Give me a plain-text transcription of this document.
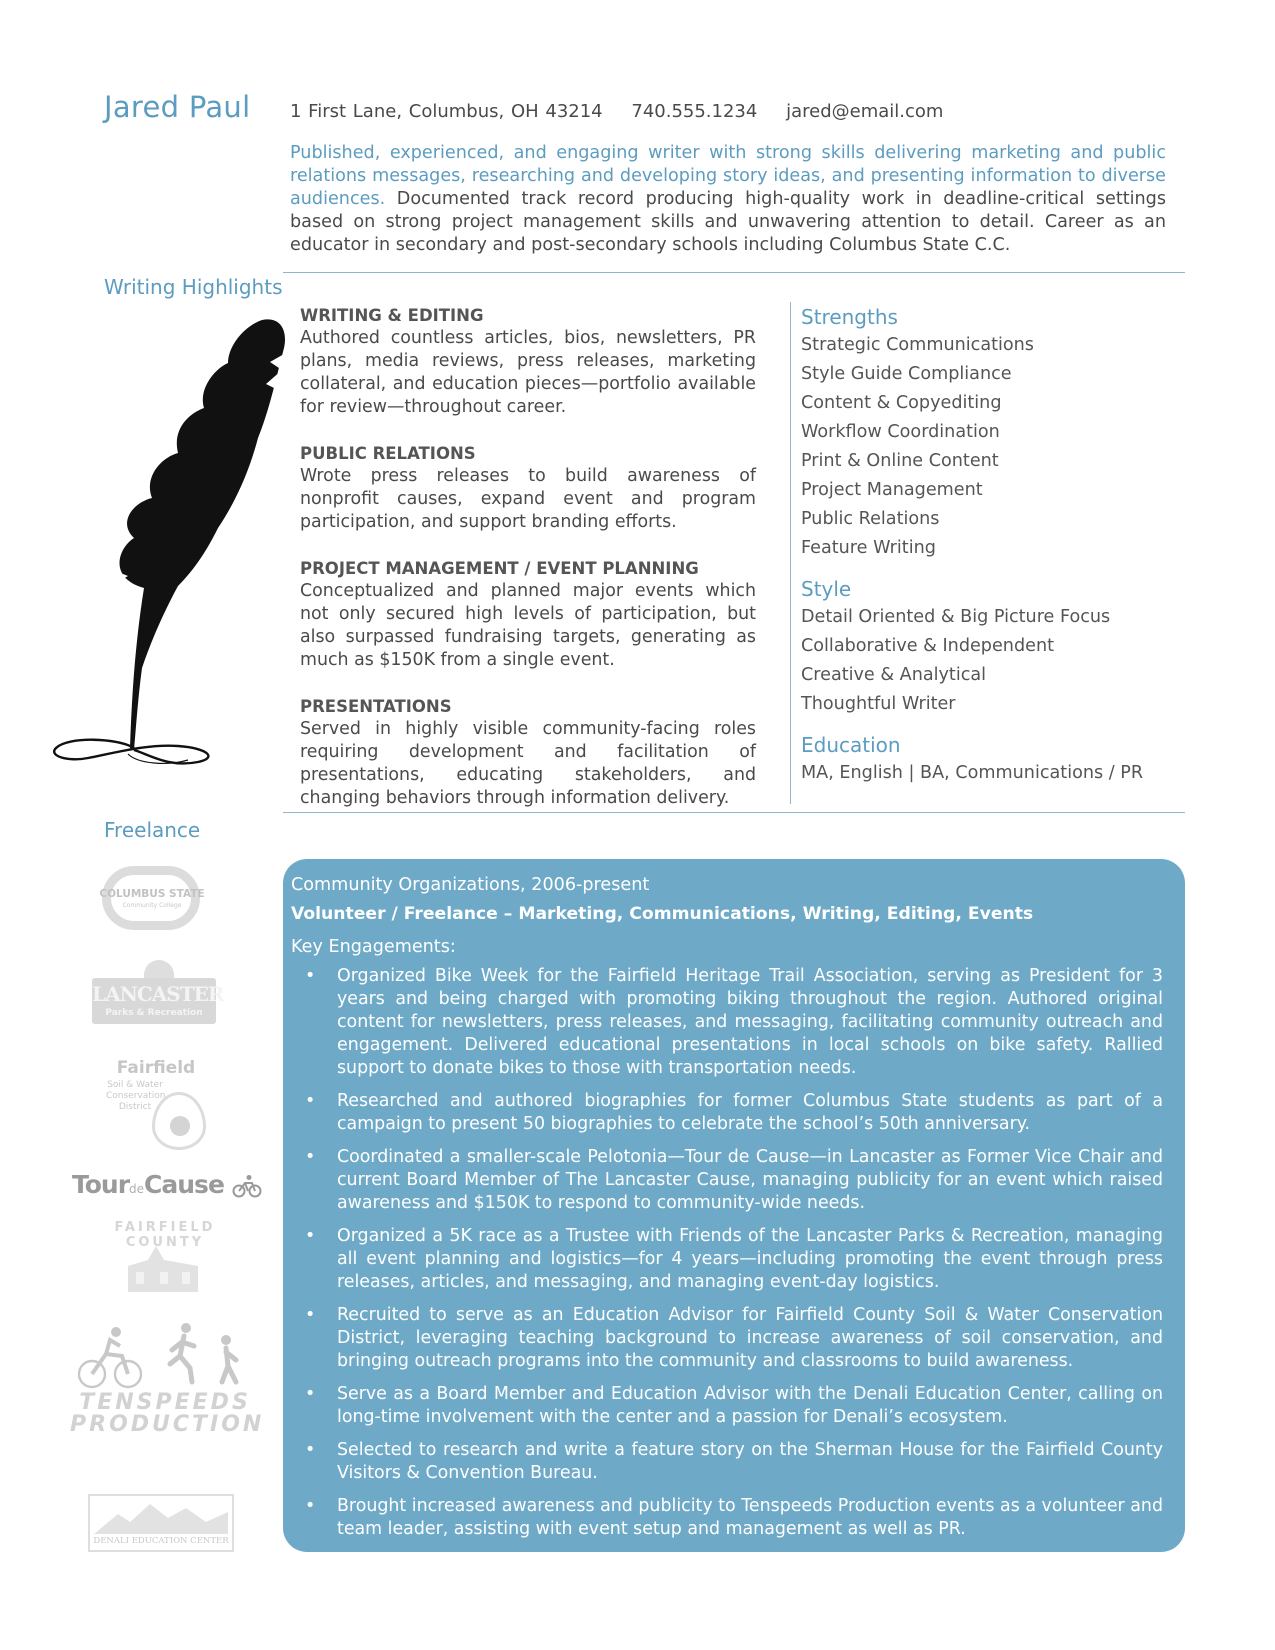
Jared Paul 1 First Lane, Columbus, OH 43214 740.555.1234 jared@email.com
Published, experienced, and engaging writer with strong skills delivering marketing and public relations messages, researching and developing story ideas, and presenting information to diverse audiences. Documented track record producing high-quality work in deadline-critical settings based on strong project management skills and unwavering attention to detail. Career as an educator in secondary and post-secondary schools including Columbus State C.C.
Writing Highlights
WRITING & EDITING
Authored countless articles, bios, newsletters, PR plans, media reviews, press releases, marketing collateral, and education pieces—portfolio available for review—throughout career.
PUBLIC RELATIONS
Wrote press releases to build awareness of nonprofit causes, expand event and program participation, and support branding efforts.
PROJECT MANAGEMENT / EVENT PLANNING
Conceptualized and planned major events which not only secured high levels of participation, but also surpassed fundraising targets, generating as much as $150K from a single event.
PRESENTATIONS
Served in highly visible community-facing roles requiring development and facilitation of presentations, educating stakeholders, and changing behaviors through information delivery.
Strengths
Strategic Communications
Style Guide Compliance
Content & Copyediting
Workflow Coordination
Print & Online Content
Project Management
Public Relations
Feature Writing
Style
Detail Oriented & Big Picture Focus
Collaborative & Independent
Creative & Analytical
Thoughtful Writer
Education
MA, English | BA, Communications / PR
Freelance
COLUMBUS STATE
Community College
LANCASTER
Parks & Recreation
Fairfield
Soil & Water Conservation District
TourdeCause
FAIRFIELD COUNTY
TENSPEEDS
PRODUCTION
DENALI EDUCATION CENTER
Community Organizations, 2006-present
Volunteer / Freelance – Marketing, Communications, Writing, Editing, Events
Key Engagements:
• Organized Bike Week for the Fairfield Heritage Trail Association, serving as President for 3 years and being charged with promoting biking throughout the region. Authored original content for newsletters, press releases, and messaging, facilitating community outreach and engagement. Delivered educational presentations in local schools on bike safety. Rallied support to donate bikes to those with transportation needs.
• Researched and authored biographies for former Columbus State students as part of a campaign to present 50 biographies to celebrate the school’s 50th anniversary.
• Coordinated a smaller-scale Pelotonia—Tour de Cause—in Lancaster as Former Vice Chair and current Board Member of The Lancaster Cause, managing publicity for an event which raised awareness and $150K to respond to community-wide needs.
• Organized a 5K race as a Trustee with Friends of the Lancaster Parks & Recreation, managing all event planning and logistics—for 4 years—including promoting the event through press releases, articles, and messaging, and managing event-day logistics.
• Recruited to serve as an Education Advisor for Fairfield County Soil & Water Conservation District, leveraging teaching background to increase awareness of soil conservation, and bringing outreach programs into the community and classrooms to build awareness.
• Serve as a Board Member and Education Advisor with the Denali Education Center, calling on long-time involvement with the center and a passion for Denali’s ecosystem.
• Selected to research and write a feature story on the Sherman House for the Fairfield County Visitors & Convention Bureau.
• Brought increased awareness and publicity to Tenspeeds Production events as a volunteer and team leader, assisting with event setup and management as well as PR.
